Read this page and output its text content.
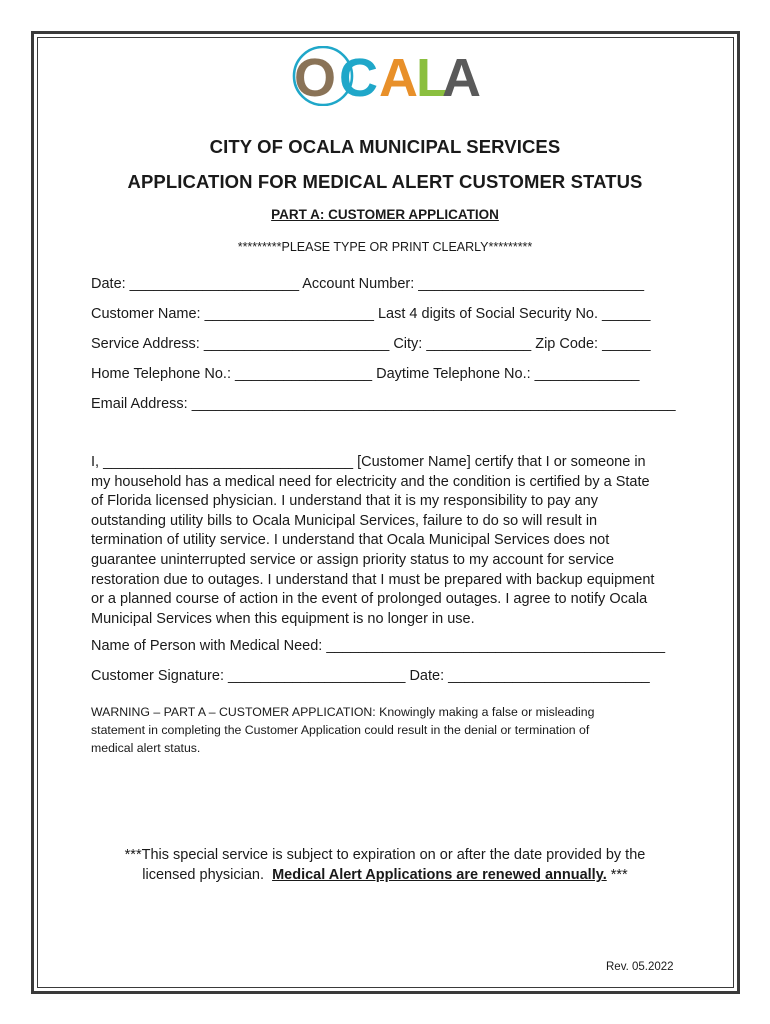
O C A
L
A
CITY OF OCALA MUNICIPAL SERVICES
APPLICATION FOR MEDICAL ALERT CUSTOMER STATUS
PART A: CUSTOMER APPLICATION
*********PLEASE TYPE OR PRINT CLEARLY*********
Date: _____________________ Account Number: ____________________________
Customer Name: _____________________ Last 4 digits of Social Security No. ______
Service Address: _______________________ City: _____________ Zip Code: ______
Home Telephone No.: _________________ Daytime Telephone No.: _____________
Email Address: ____________________________________________________________
I, _______________________________ [Customer Name] certify that I or someone in
my household has a medical need for electricity and the condition is certified by a State
of Florida licensed physician. I understand that it is my responsibility to pay any
outstanding utility bills to Ocala Municipal Services, failure to do so will result in
termination of utility service. I understand that Ocala Municipal Services does not
guarantee uninterrupted service or assign priority status to my account for service
restoration due to outages. I understand that I must be prepared with backup equipment
or a planned course of action in the event of prolonged outages. I agree to notify Ocala
Municipal Services when this equipment is no longer in use.
Name of Person with Medical Need: __________________________________________
Customer Signature: ______________________ Date: _________________________
WARNING – PART A – CUSTOMER APPLICATION: Knowingly making a false or misleading
statement in completing the Customer Application could result in the denial or termination of
medical alert status.
***This special service is subject to expiration on or after the date provided by the
licensed physician.  Medical Alert Applications are renewed annually. ***
Rev. 05.2022
